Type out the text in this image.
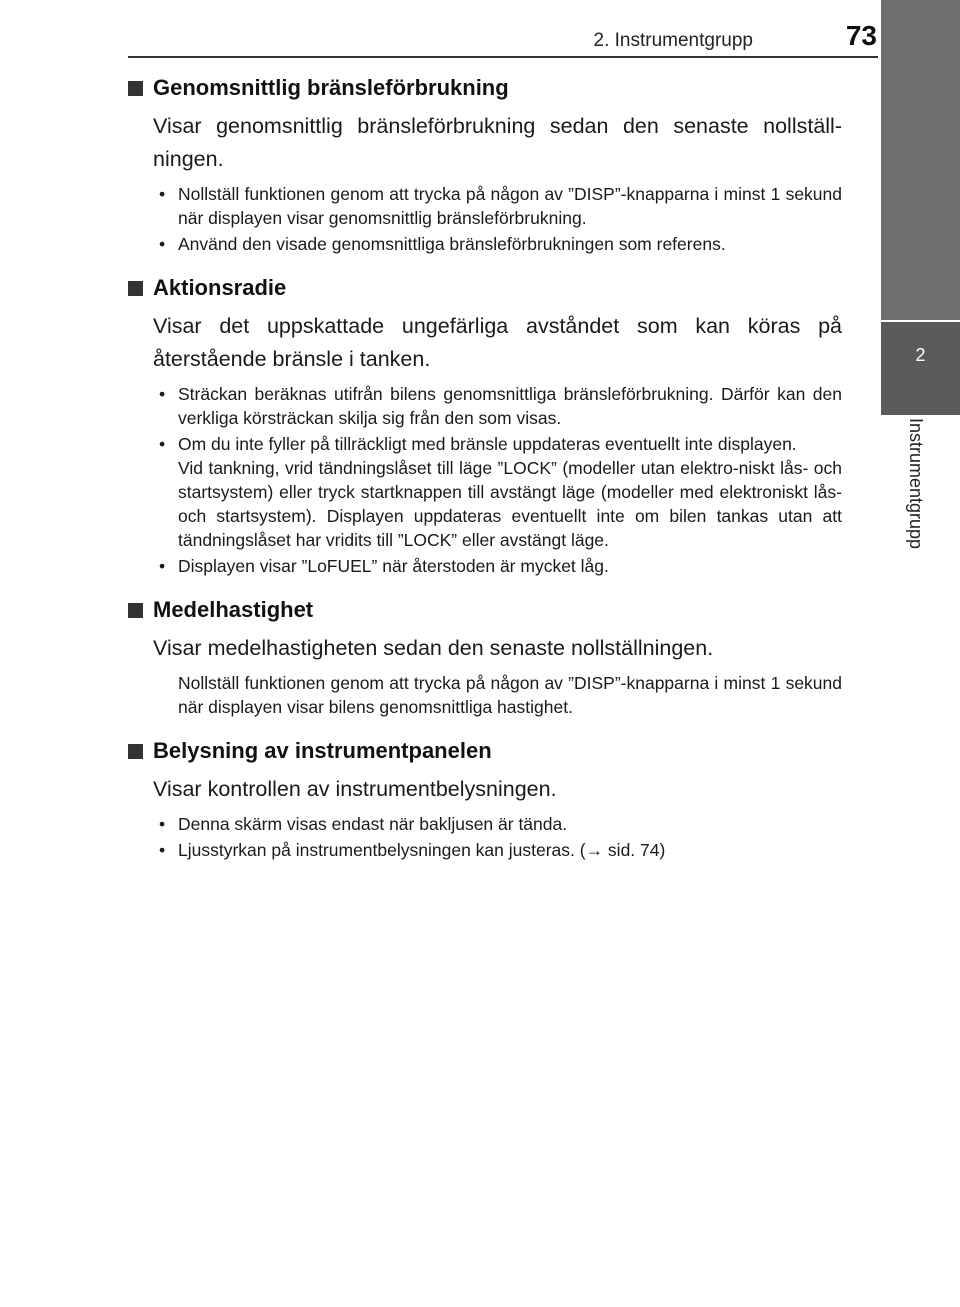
2. Instrumentgrupp	73
2
Instrumentgrupp
Genomsnittlig bränsleförbrukning
Visar genomsnittlig bränsleförbrukning sedan den senaste nollställ-ningen.
• Nollställ funktionen genom att trycka på någon av ”DISP”-knapparna i minst 1 sekund när displayen visar genomsnittlig bränsleförbrukning.
• Använd den visade genomsnittliga bränsleförbrukningen som referens.
Aktionsradie
Visar det uppskattade ungefärliga avståndet som kan köras på återstående bränsle i tanken.
• Sträckan beräknas utifrån bilens genomsnittliga bränsleförbrukning. Därför kan den verkliga körsträckan skilja sig från den som visas.
• Om du inte fyller på tillräckligt med bränsle uppdateras eventuellt inte displayen.
Vid tankning, vrid tändningslåset till läge ”LOCK” (modeller utan elektro-niskt lås- och startsystem) eller tryck startknappen till avstängt läge (modeller med elektroniskt lås- och startsystem). Displayen uppdateras eventuellt inte om bilen tankas utan att tändningslåset har vridits till ”LOCK” eller avstängt läge.
• Displayen visar ”LoFUEL” när återstoden är mycket låg.
Medelhastighet
Visar medelhastigheten sedan den senaste nollställningen.
Nollställ funktionen genom att trycka på någon av ”DISP”-knapparna i minst 1 sekund när displayen visar bilens genomsnittliga hastighet.
Belysning av instrumentpanelen
Visar kontrollen av instrumentbelysningen.
• Denna skärm visas endast när bakljusen är tända.
• Ljusstyrkan på instrumentbelysningen kan justeras. (→ sid. 74)
